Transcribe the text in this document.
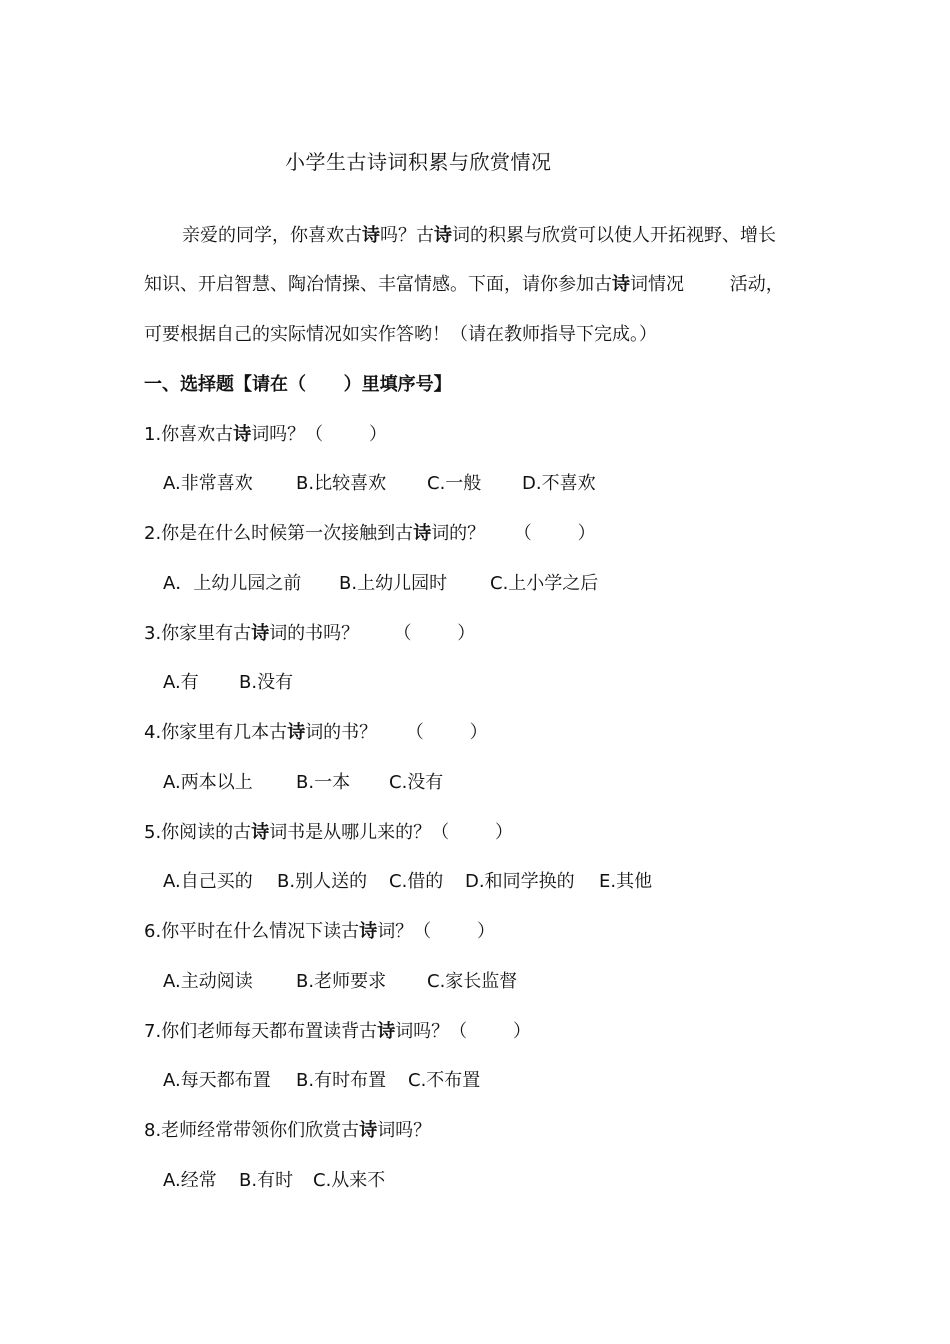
小学生古诗词积累与欣赏情况
亲爱的同学，你喜欢古诗吗？古诗词的积累与欣赏可以使人开拓视野、增长
知识、开启智慧、陶冶情操、丰富情感。下面，请你参加古诗词情况        活动，
可要根据自己的实际情况如实作答哟！（请在教师指导下完成。）
一、选择题【请在（      ）里填序号】
1.你喜欢古诗词吗？（        ）
A.非常喜欢 B.比较喜欢 C.一般 D.不喜欢
2.你是在什么时候第一次接触到古诗词的？     （        ）
A．上幼儿园之前 B.上幼儿园时 C.上小学之后
3.你家里有古诗词的书吗？      （        ）
A.有 B.没有
4.你家里有几本古诗词的书？     （        ）
A.两本以上 B.一本 C.没有
5.你阅读的古诗词书是从哪儿来的？（        ）
A.自己买的 B.别人送的 C.借的 D.和同学换的 E.其他
6.你平时在什么情况下读古诗词？（        ）
A.主动阅读 B.老师要求 C.家长监督
7.你们老师每天都布置读背古诗词吗？（        ）
A.每天都布置 B.有时布置 C.不布置
8.老师经常带领你们欣赏古诗词吗？
A.经常 B.有时 C.从来不
